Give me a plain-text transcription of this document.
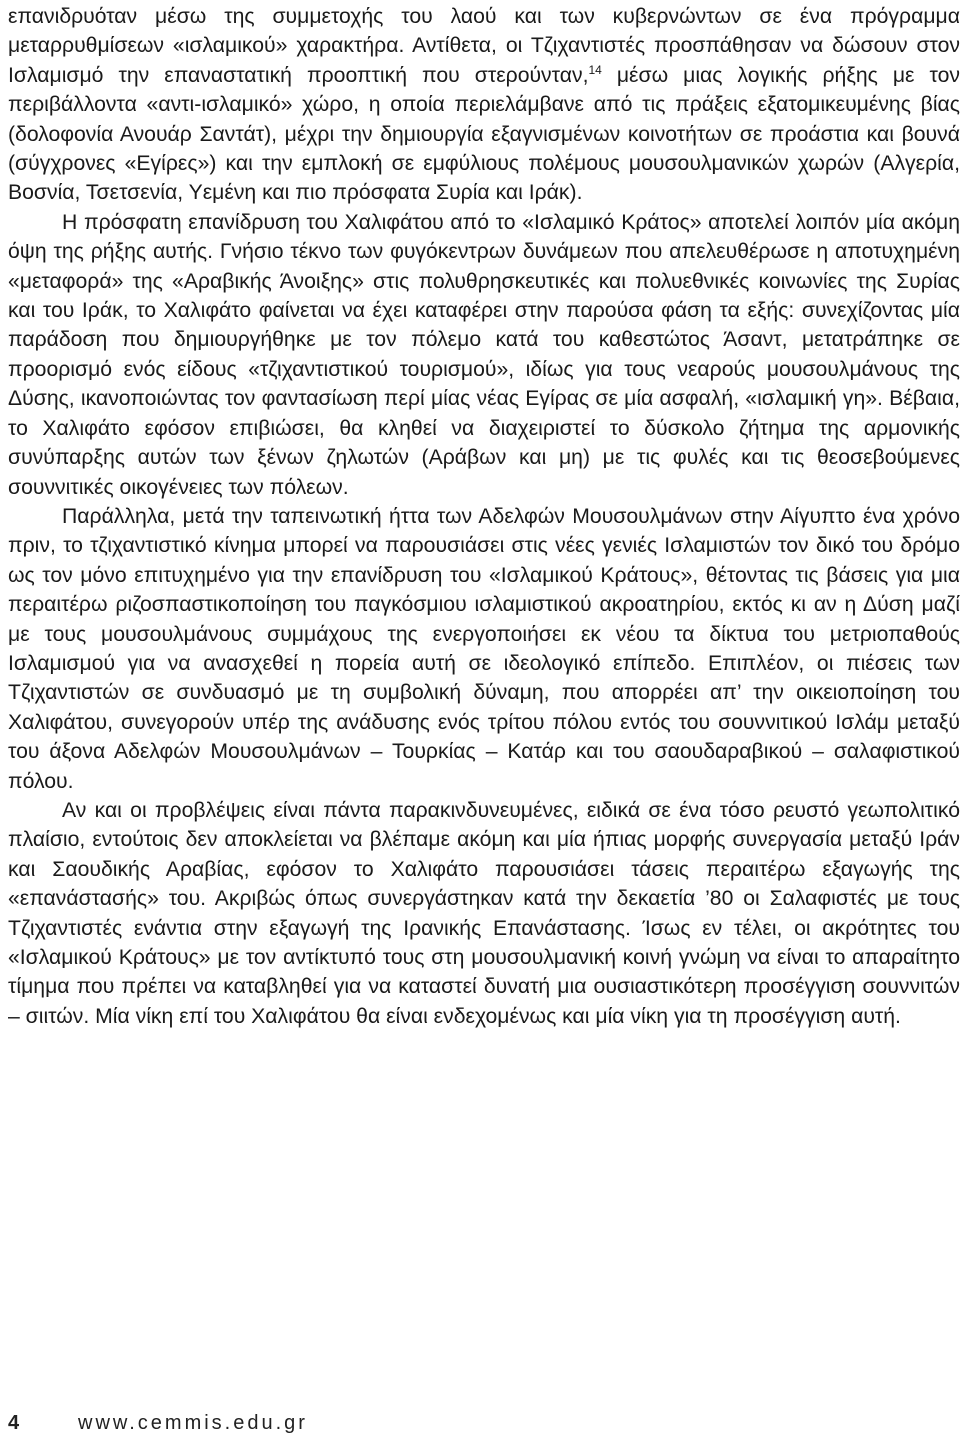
επανιδρυόταν μέσω της συμμετοχής του λαού και των κυβερνώντων σε ένα πρόγραμμα μεταρρυθμίσεων «ισλαμικού» χαρακτήρα. Αντίθετα, οι Τζιχαντιστές προσπάθησαν να δώσουν στον Ισλαμισμό την επαναστατική προοπτική που στερούνταν,$^{14}$ μέσω μιας λογικής ρήξης με τον περιβάλλοντα «αντι-ισλαμικό» χώρο, η οποία περιελάμβανε από τις πράξεις εξατομικευμένης βίας (δολοφονία Ανουάρ Σαντάτ), μέχρι την δημιουργία εξαγνισμένων κοινοτήτων σε προάστια και βουνά (σύγχρονες «Εγίρες») και την εμπλοκή σε εμφύλιους πολέμους μουσουλμανικών χωρών (Αλγερία, Βοσνία, Τσετσενία, Υεμένη και πιο πρόσφατα Συρία και Ιράκ).

Η πρόσφατη επανίδρυση του Χαλιφάτου από το «Ισλαμικό Κράτος» αποτελεί λοιπόν μία ακόμη όψη της ρήξης αυτής. Γνήσιο τέκνο των φυγόκεντρων δυνάμεων που απελευθέρωσε η αποτυχημένη «μεταφορά» της «Αραβικής Άνοιξης» στις πολυθρησκευτικές και πολυεθνικές κοινωνίες της Συρίας και του Ιράκ, το Χαλιφάτο φαίνεται να έχει καταφέρει στην παρούσα φάση τα εξής: συνεχίζοντας μία παράδοση που δημιουργήθηκε με τον πόλεμο κατά του καθεστώτος Άσαντ, μετατράπηκε σε προορισμό ενός είδους «τζιχαντιστικού τουρισμού», ιδίως για τους νεαρούς μουσουλμάνους της Δύσης, ικανοποιώντας τον φαντασίωση περί μίας νέας Εγίρας σε μία ασφαλή, «ισλαμική γη». Βέβαια, το Χαλιφάτο εφόσον επιβιώσει, θα κληθεί να διαχειριστεί το δύσκολο ζήτημα της αρμονικής συνύπαρξης αυτών των ξένων ζηλωτών (Αράβων και μη) με τις φυλές και τις θεοσεβούμενες σουννιτικές οικογένειες των πόλεων.

Παράλληλα, μετά την ταπεινωτική ήττα των Αδελφών Μουσουλμάνων στην Αίγυπτο ένα χρόνο πριν, το τζιχαντιστικό κίνημα μπορεί να παρουσιάσει στις νέες γενιές Ισλαμιστών τον δικό του δρόμο ως τον μόνο επιτυχημένο για την επανίδρυση του «Ισλαμικού Κράτους», θέτοντας τις βάσεις για μια περαιτέρω ριζοσπαστικοποίηση του παγκόσμιου ισλαμιστικού ακροατηρίου, εκτός κι αν η Δύση μαζί με τους μουσουλμάνους συμμάχους της ενεργοποιήσει εκ νέου τα δίκτυα του μετριοπαθούς Ισλαμισμού για να ανασχεθεί η πορεία αυτή σε ιδεολογικό επίπεδο. Επιπλέον, οι πιέσεις των Τζιχαντιστών σε συνδυασμό με τη συμβολική δύναμη, που απορρέει απ’ την οικειοποίηση του Χαλιφάτου, συνεγορούν υπέρ της ανάδυσης ενός τρίτου πόλου εντός του σουννιτικού Ισλάμ μεταξύ του άξονα Αδελφών Μουσουλμάνων – Τουρκίας – Κατάρ και του σαουδαραβικού – σαλαφιστικού πόλου.

Αν και οι προβλέψεις είναι πάντα παρακινδυνευμένες, ειδικά σε ένα τόσο ρευστό γεωπολιτικό πλαίσιο, εντούτοις δεν αποκλείεται να βλέπαμε ακόμη και μία ήπιας μορφής συνεργασία μεταξύ Ιράν και Σαουδικής Αραβίας, εφόσον το Χαλιφάτο παρουσιάσει τάσεις περαιτέρω εξαγωγής της «επανάστασής» του. Ακριβώς όπως συνεργάστηκαν κατά την δεκαετία ’80 οι Σαλαφιστές με τους Τζιχαντιστές ενάντια στην εξαγωγή της Ιρανικής Επανάστασης. Ίσως εν τέλει, οι ακρότητες του «Ισλαμικού Κράτους» με τον αντίκτυπό τους στη μουσουλμανική κοινή γνώμη να είναι το απαραίτητο τίμημα που πρέπει να καταβληθεί για να καταστεί δυνατή μια ουσιαστικότερη προσέγγιση σουννιτών – σιιτών. Μία νίκη επί του Χαλιφάτου θα είναι ενδεχομένως και μία νίκη για τη προσέγγιση αυτή.

4	www.cemmis.edu.gr
